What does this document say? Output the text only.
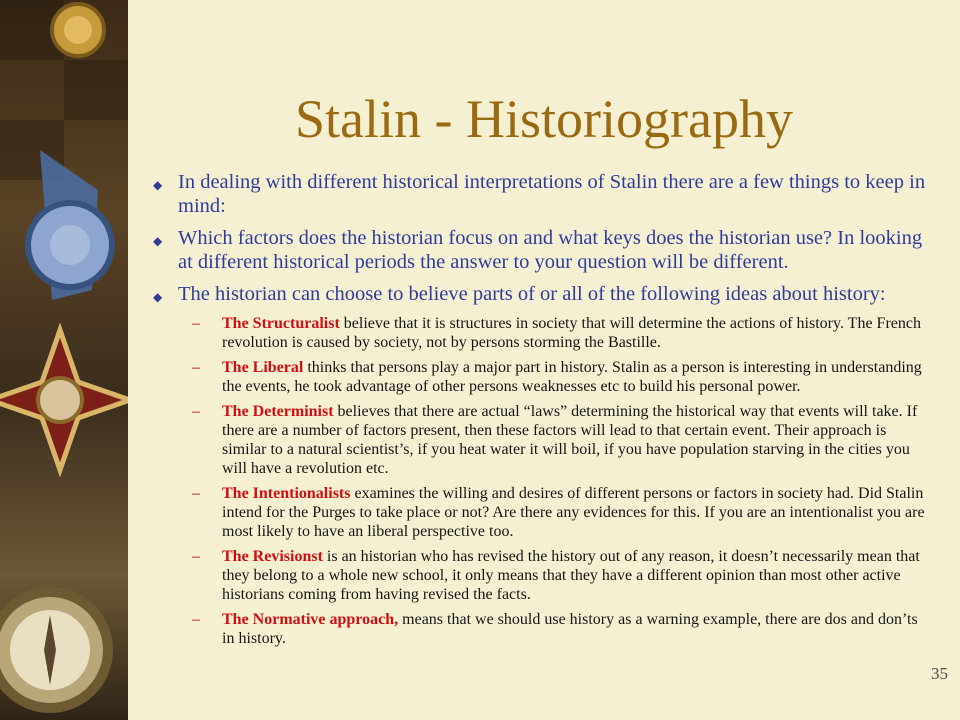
Stalin - Historiography
◆ In dealing with different historical interpretations of Stalin there are a few things to keep in mind:
◆ Which factors does the historian focus on and what keys does the historian use? In looking at different historical periods the answer to your question will be different.
◆ The historian can choose to believe parts of or all of the following ideas about history:
– The Structuralist believe that it is structures in society that will determine the actions of history. The French revolution is caused by society, not by persons storming the Bastille.
– The Liberal thinks that persons play a major part in history. Stalin as a person is interesting in understanding the events, he took advantage of other persons weaknesses etc to build his personal power.
– The Determinist believes that there are actual “laws” determining the historical way that events will take. If there are a number of factors present, then these factors will lead to that certain event. Their approach is similar to a natural scientist’s, if you heat water it will boil, if you have population starving in the cities you will have a revolution etc.
– The Intentionalists examines the willing and desires of different persons or factors in society had. Did Stalin intend for the Purges to take place or not? Are there any evidences for this. If you are an intentionalist you are most likely to have an liberal perspective too.
– The Revisionst is an historian who has revised the history out of any reason, it doesn’t necessarily mean that they belong to a whole new school, it only means that they have a different opinion than most other active historians coming from having revised the facts.
– The Normative approach, means that we should use history as a warning example, there are dos and don’ts in history.
35
